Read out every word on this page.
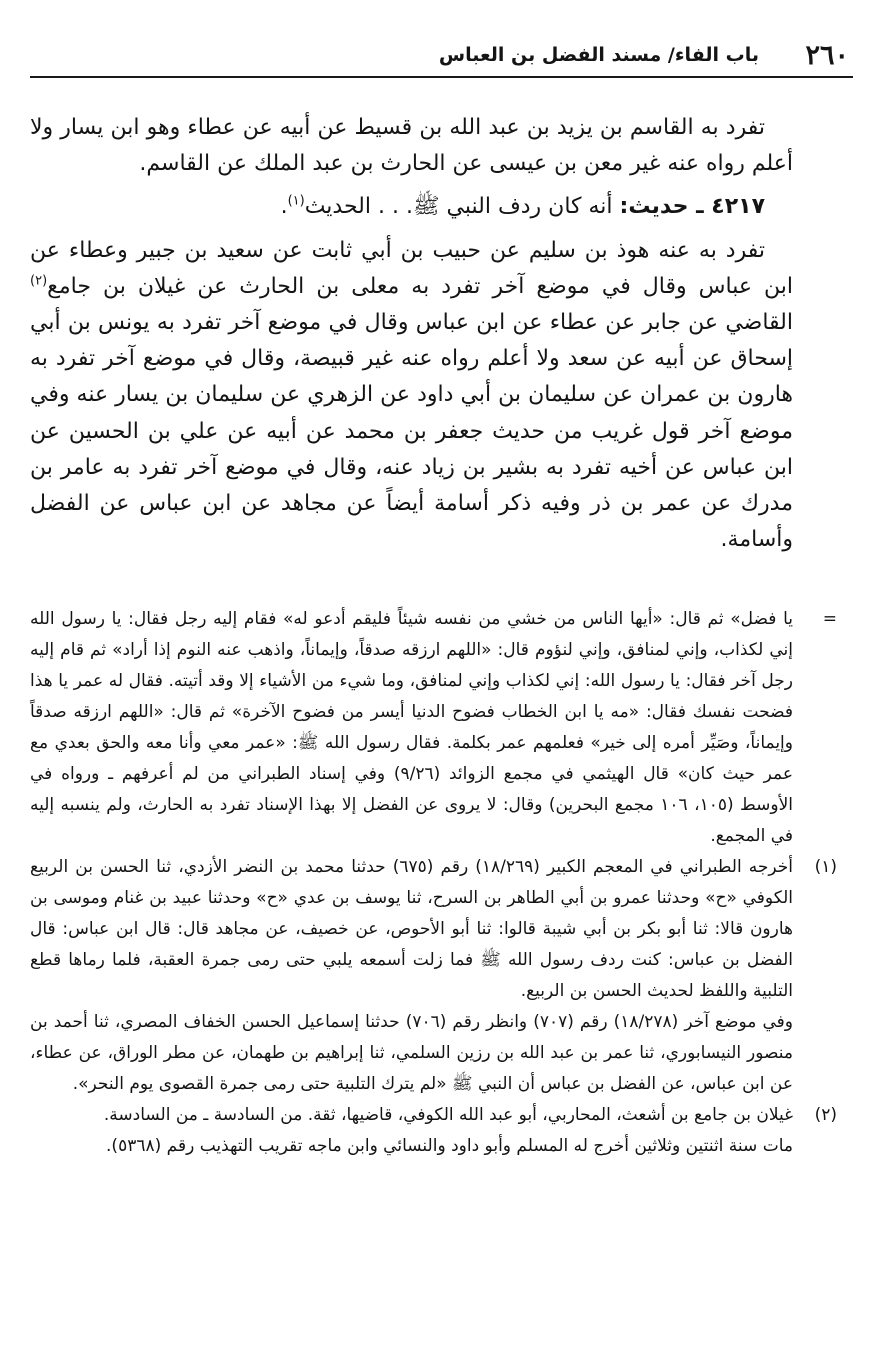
٢٦٠
باب الفاء/ مسند الفضل بن العباس

تفرد به القاسم بن يزيد بن عبد الله بن قسيط عن أبيه عن عطاء وهو ابن يسار ولا أعلم رواه عنه غير معن بن عيسى عن الحارث بن عبد الملك عن القاسم.

٤٢١٧ ـ حديث: أنه كان ردف النبي ﷺ. . . الحديث$^{(١)}$.

تفرد به عنه هوذ بن سليم عن حبيب بن أبي ثابت عن سعيد بن جبير وعطاء عن ابن عباس وقال في موضع آخر تفرد به معلى بن الحارث عن غيلان بن جامع$^{(٢)}$ القاضي عن جابر عن عطاء عن ابن عباس وقال في موضع آخر تفرد به يونس بن أبي إسحاق عن أبيه عن سعد ولا أعلم رواه عنه غير قبيصة، وقال في موضع آخر تفرد به هارون بن عمران عن سليمان بن أبي داود عن الزهري عن سليمان بن يسار عنه وفي موضع آخر قول غريب من حديث جعفر بن محمد عن أبيه عن علي بن الحسين عن ابن عباس عن أخيه تفرد به بشير بن زياد عنه، وقال في موضع آخر تفرد به عامر بن مدرك عن عمر بن ذر وفيه ذكر أسامة أيضاً عن مجاهد عن ابن عباس عن الفضل وأسامة.

=

يا فضل» ثم قال: «أيها الناس من خشي من نفسه شيئاً فليقم أدعو له» فقام إليه رجل فقال: يا رسول الله إني لكذاب، وإني لمنافق، وإني لنؤوم قال: «اللهم ارزقه صدقاً، وإيماناً، واذهب عنه النوم إذا أراد» ثم قام إليه رجل آخر فقال: يا رسول الله: إني لكذاب وإني لمنافق، وما شيء من الأشياء إلا وقد أتيته. فقال له عمر يا هذا فضحت نفسك فقال: «مه يا ابن الخطاب فضوح الدنيا أيسر من فضوح الآخرة» ثم قال: «اللهم ارزقه صدقاً وإيماناً، وصَيِّر أمره إلى خير» فعلمهم عمر بكلمة. فقال رسول الله ﷺ: «عمر معي وأنا معه والحق بعدي مع عمر حيث كان» قال الهيثمي في مجمع الزوائد (٩/٢٦) وفي إسناد الطبراني من لم أعرفهم ـ ورواه في الأوسط (١٠٥، ١٠٦ مجمع البحرين) وقال: لا يروى عن الفضل إلا بهذا الإسناد تفرد به الحارث، ولم ينسبه إليه في المجمع.

(١)

أخرجه الطبراني في المعجم الكبير (١٨/٢٦٩) رقم (٦٧٥) حدثنا محمد بن النضر الأزدي، ثنا الحسن بن الربيع الكوفي «ح» وحدثنا عمرو بن أبي الطاهر بن السرح، ثنا يوسف بن عدي «ح» وحدثنا عبيد بن غنام وموسى بن هارون قالا: ثنا أبو بكر بن أبي شيبة قالوا: ثنا أبو الأحوص، عن خصيف، عن مجاهد قال: قال ابن عباس: قال الفضل بن عباس: كنت ردف رسول الله ﷺ فما زلت أسمعه يلبي حتى رمى جمرة العقبة، فلما رماها قطع التلبية واللفظ لحديث الحسن بن الربيع.

وفي موضع آخر (١٨/٢٧٨) رقم (٧٠٧) وانظر رقم (٧٠٦) حدثنا إسماعيل الحسن الخفاف المصري، ثنا أحمد بن منصور النيسابوري، ثنا عمر بن عبد الله بن رزين السلمي، ثنا إبراهيم بن طهمان، عن مطر الوراق، عن عطاء، عن ابن عباس، عن الفضل بن عباس أن النبي ﷺ «لم يترك التلبية حتى رمى جمرة القصوى يوم النحر».

(٢)

غيلان بن جامع بن أشعث، المحاربي، أبو عبد الله الكوفي، قاضيها، ثقة. من السادسة ـ من السادسة.

مات سنة اثنتين وثلاثين أخرج له المسلم وأبو داود والنسائي وابن ماجه تقريب التهذيب رقم (٥٣٦٨).
